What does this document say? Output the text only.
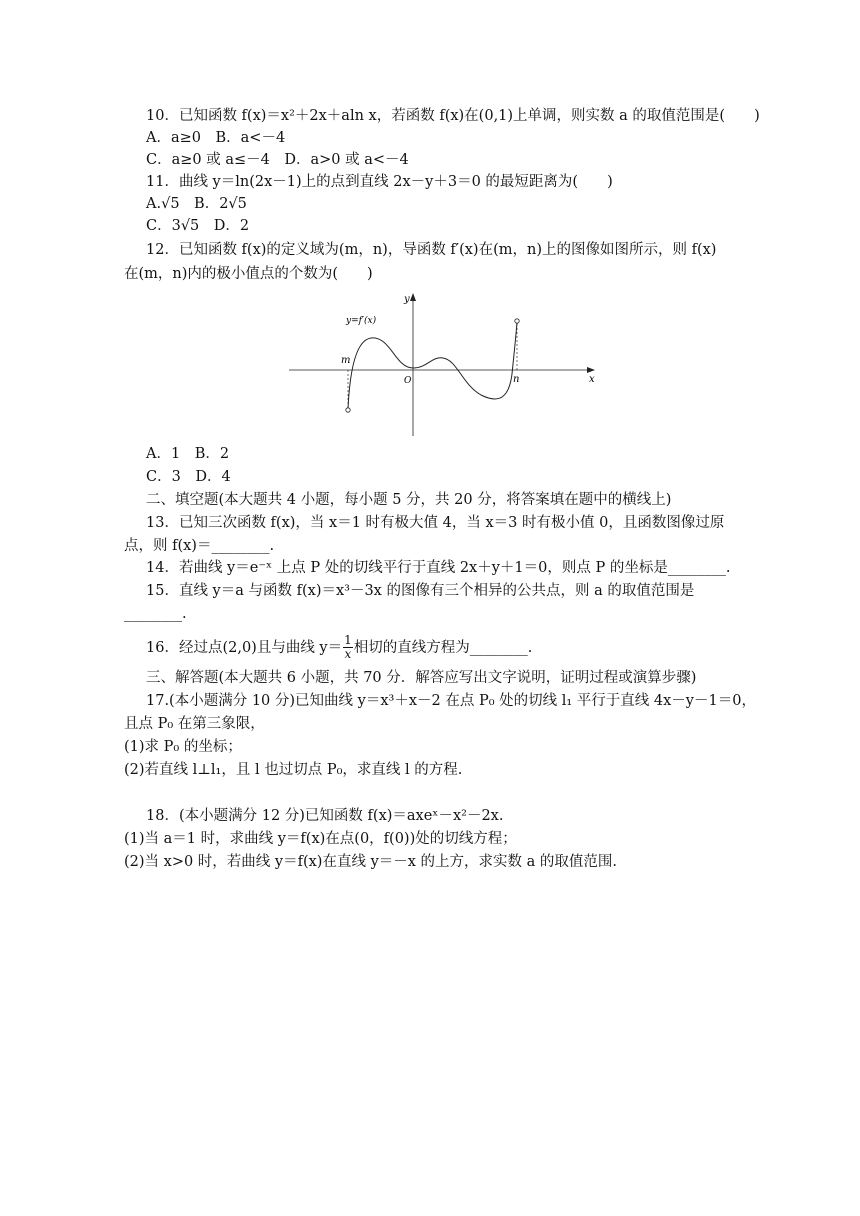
10．已知函数 f(x)＝x²＋2x＋aln x，若函数 f(x)在(0,1)上单调，则实数 a 的取值范围是(　　)
A．a≥0　B．a<－4
C．a≥0 或 a≤－4　D．a>0 或 a<－4
11．曲线 y＝ln(2x－1)上的点到直线 2x－y＋3＝0 的最短距离为(　　)
A.√5　B．2√5
C．3√5　D．2
12．已知函数 f(x)的定义域为(m，n)，导函数 f′(x)在(m，n)上的图像如图所示，则 f(x)
在(m，n)内的极小值点的个数为(　　)
y=f′(x)
y
x
O
m
n
A．1　B．2
C．3　D．4
二、填空题(本大题共 4 小题，每小题 5 分，共 20 分，将答案填在题中的横线上)
13．已知三次函数 f(x)，当 x＝1 时有极大值 4，当 x＝3 时有极小值 0，且函数图像过原
点，则 f(x)＝________.
14．若曲线 y＝e⁻ˣ 上点 P 处的切线平行于直线 2x＋y＋1＝0，则点 P 的坐标是________.
15．直线 y＝a 与函数 f(x)＝x³－3x 的图像有三个相异的公共点，则 a 的取值范围是
________.
16．经过点(2,0)且与曲线 $y= \frac{1}{x}$ 相切的直线方程为________.
三、解答题(本大题共 6 小题，共 70 分．解答应写出文字说明，证明过程或演算步骤)
17.(本小题满分 10 分)已知曲线 y＝x³＋x－2 在点 P₀ 处的切线 l₁ 平行于直线 4x－y－1＝0，
且点 P₀ 在第三象限，
(1)求 P₀ 的坐标；
(2)若直线 l⊥l₁，且 l 也过切点 P₀，求直线 l 的方程.
18．(本小题满分 12 分)已知函数 f(x)＝axeˣ－x²－2x.
(1)当 a＝1 时，求曲线 y＝f(x)在点(0，f(0))处的切线方程；
(2)当 x>0 时，若曲线 y＝f(x)在直线 y＝－x 的上方，求实数 a 的取值范围.
